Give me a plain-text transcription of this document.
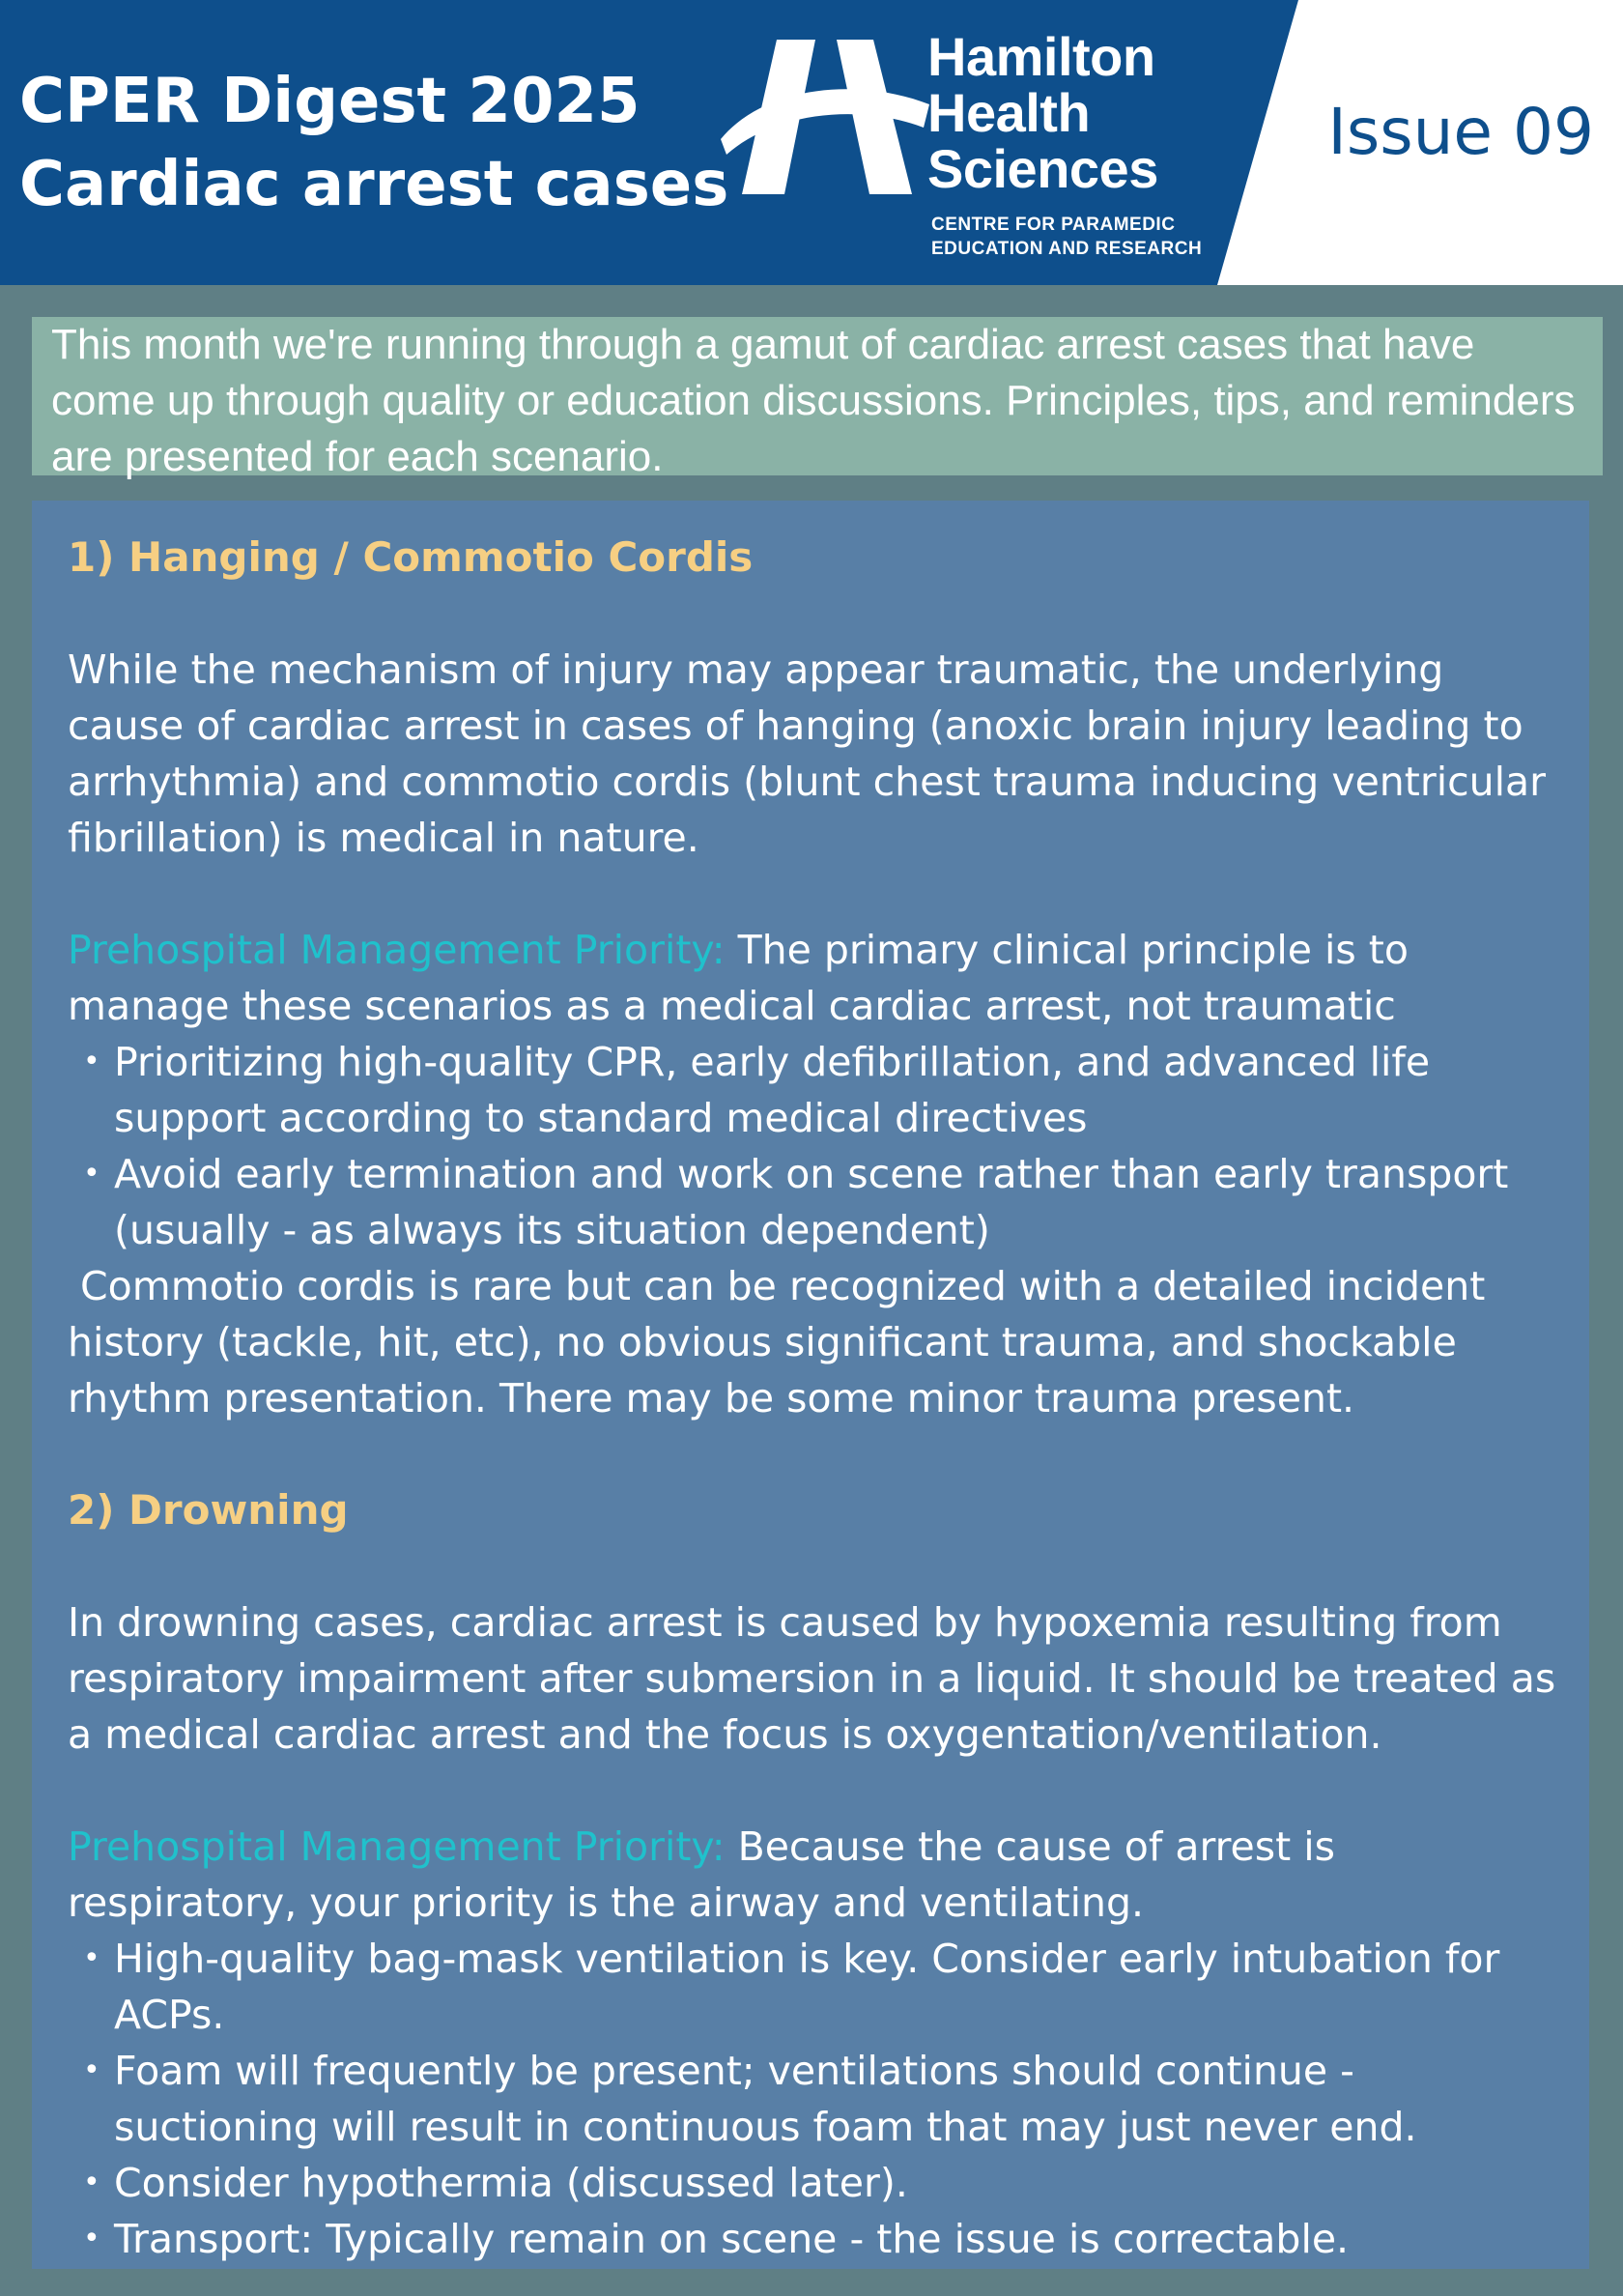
CPER Digest 2025
Cardiac arrest cases
Hamilton
Health
Sciences
CENTRE FOR PARAMEDIC
EDUCATION AND RESEARCH
Issue 09
This month we're running through a gamut of cardiac arrest cases that have come up through quality or education discussions. Principles, tips, and reminders are presented for each scenario.
1) Hanging / Commotio Cordis
While the mechanism of injury may appear traumatic, the underlying cause of cardiac arrest in cases of hanging (anoxic brain injury leading to arrhythmia) and commotio cordis (blunt chest trauma inducing ventricular fibrillation) is medical in nature.
Prehospital Management Priority: The primary clinical principle is to manage these scenarios as a medical cardiac arrest, not traumatic
• Prioritizing high-quality CPR, early defibrillation, and advanced life support according to standard medical directives
• Avoid early termination and work on scene rather than early transport (usually - as always its situation dependent)
Commotio cordis is rare but can be recognized with a detailed incident history (tackle, hit, etc), no obvious significant trauma, and shockable rhythm presentation. There may be some minor trauma present.
2) Drowning
In drowning cases, cardiac arrest is caused by hypoxemia resulting from respiratory impairment after submersion in a liquid. It should be treated as a medical cardiac arrest and the focus is oxygentation/ventilation.
Prehospital Management Priority: Because the cause of arrest is respiratory, your priority is the airway and ventilating.
• High-quality bag-mask ventilation is key. Consider early intubation for ACPs.
• Foam will frequently be present; ventilations should continue - suctioning will result in continuous foam that may just never end.
• Consider hypothermia (discussed later).
• Transport: Typically remain on scene - the issue is correctable.
